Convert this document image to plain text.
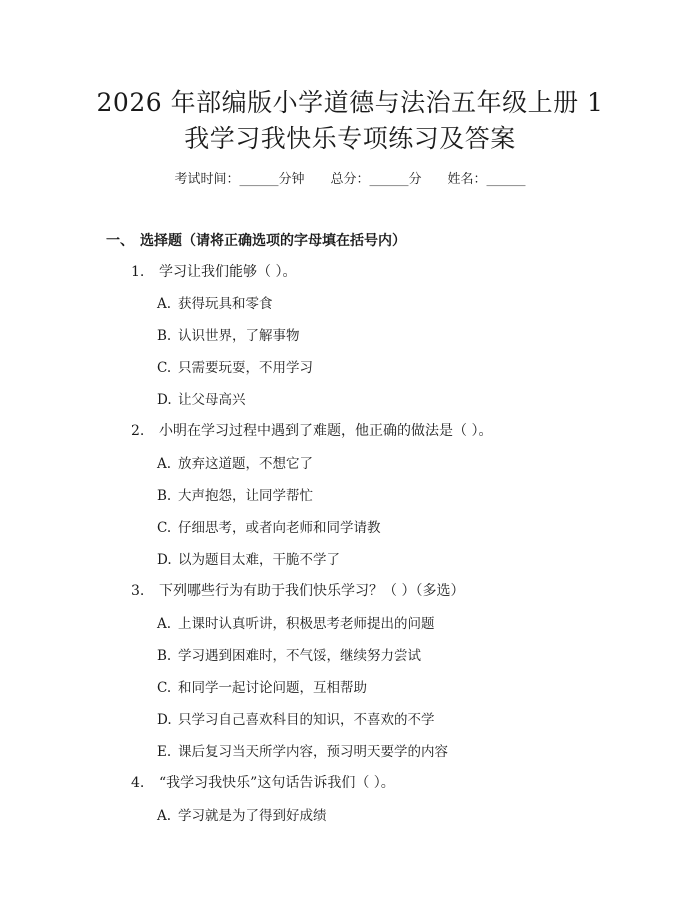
2026 年部编版小学道德与法治五年级上册 1
我学习我快乐专项练习及答案
考试时间：______分钟　　总分：______分　　姓名：______
一、 选择题（请将正确选项的字母填在括号内）
1. 学习让我们能够（ ）。
A. 获得玩具和零食
B. 认识世界，了解事物
C. 只需要玩耍，不用学习
D. 让父母高兴
2. 小明在学习过程中遇到了难题，他正确的做法是（ ）。
A. 放弃这道题，不想它了
B. 大声抱怨，让同学帮忙
C. 仔细思考，或者向老师和同学请教
D. 以为题目太难，干脆不学了
3. 下列哪些行为有助于我们快乐学习？（ ）（多选）
A. 上课时认真听讲，积极思考老师提出的问题
B. 学习遇到困难时，不气馁，继续努力尝试
C. 和同学一起讨论问题，互相帮助
D. 只学习自己喜欢科目的知识，不喜欢的不学
E. 课后复习当天所学内容，预习明天要学的内容
4. “我学习我快乐”这句话告诉我们（ ）。
A. 学习就是为了得到好成绩
